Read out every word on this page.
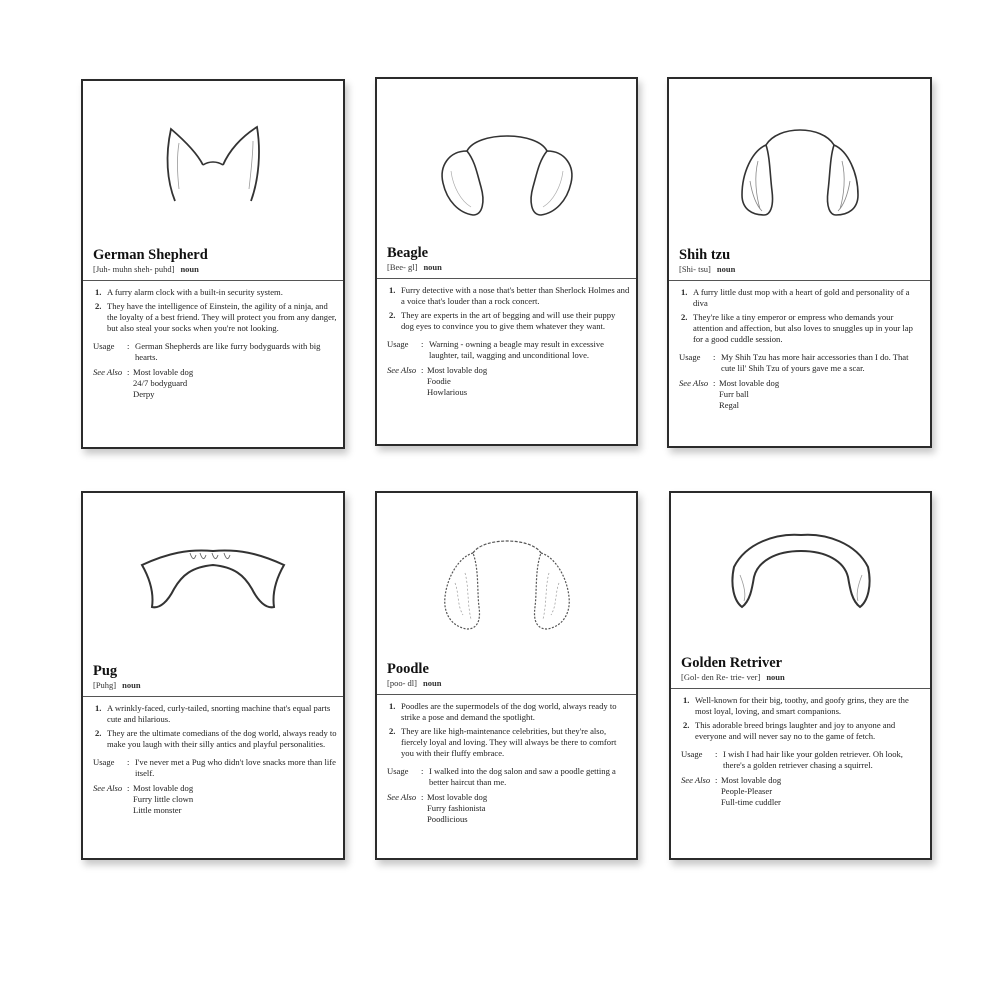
German Shepherd
[Juh- muhn sheh- puhd] noun
1. A furry alarm clock with a built-in security system.
2. They have the intelligence of Einstein, the agility of a ninja, and the loyalty of a best friend. They will protect you from any danger, but also steal your socks when you're not looking.
Usage	: German Shepherds are like furry bodyguards with big hearts.
See Also : Most lovable dog
24/7 bodyguard
Derpy
Beagle
[Bee- gl] noun
1. Furry detective with a nose that's better than Sherlock Holmes and a voice that's louder than a rock concert.
2. They are experts in the art of begging and will use their puppy dog eyes to convince you to give them whatever they want.
Usage	: Warning - owning a beagle may result in excessive laughter, tail, wagging and unconditional love.
See Also : Most lovable dog
Foodie
Howlarious
Shih tzu
[Shi- tsu] noun
1. A furry little dust mop with a heart of gold and personality of a diva
2. They're like a tiny emperor or empress who demands your attention and affection, but also loves to snuggles up in your lap for a good cuddle session.
Usage	: My Shih Tzu has more hair accessories than I do. That cute lil' Shih Tzu of yours gave me a scar.
See Also : Most lovable dog
Furr ball
Regal
Pug
[Puhg] noun
1. A wrinkly-faced, curly-tailed, snorting machine that's equal parts cute and hilarious.
2. They are the ultimate comedians of the dog world, always ready to make you laugh with their silly antics and playful personalities.
Usage	: I've never met a Pug who didn't love snacks more than life itself.
See Also : Most lovable dog
Furry little clown
Little monster
Poodle
[poo- dl] noun
1. Poodles are the supermodels of the dog world, always ready to strike a pose and demand the spotlight.
2. They are like high-maintenance celebrities, but they're also, fiercely loyal and loving. They will always be there to comfort you with their fluffy embrace.
Usage	: I walked into the dog salon and saw a poodle getting a better haircut than me.
See Also : Most lovable dog
Furry fashionista
Poodlicious
Golden Retriver
[Gol- den Re- trie- ver] noun
1. Well-known for their big, toothy, and goofy grins, they are the most loyal, loving, and smart companions.
2. This adorable breed brings laughter and joy to anyone and everyone and will never say no to the game of fetch.
Usage	: I wish I had hair like your golden retriever. Oh look, there's a golden retriever chasing a squirrel.
See Also : Most lovable dog
People-Pleaser
Full-time cuddler
